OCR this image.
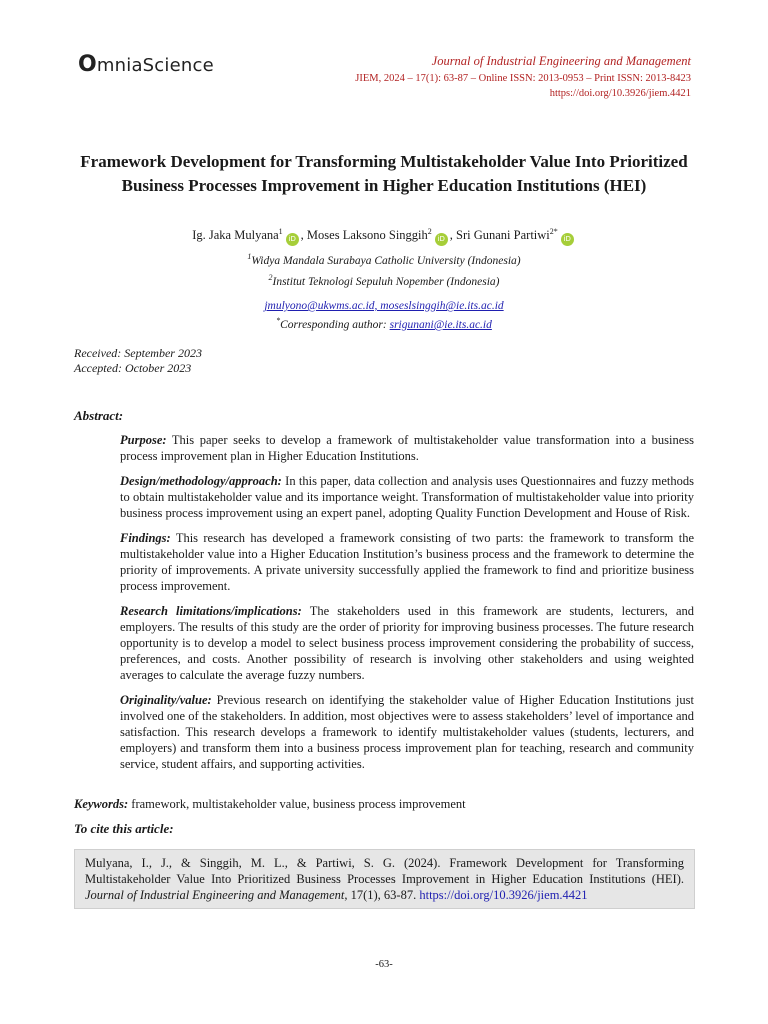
OmniaScience	Journal of Industrial Engineering and Management
JIEM, 2024 – 17(1): 63-87 – Online ISSN: 2013-0953 – Print ISSN: 2013-8423
https://doi.org/10.3926/jiem.4421
Framework Development for Transforming Multistakeholder Value Into Prioritized Business Processes Improvement in Higher Education Institutions (HEI)
Ig. Jaka Mulyana$^1$iD , Moses Laksono Singgih$^2$iD , Sri Gunani Partiwi$^{2*}$iD
$^1$Widya Mandala Surabaya Catholic University (Indonesia)
$^2$Institut Teknologi Sepuluh Nopember (Indonesia)
jmulyono@ukwms.ac.id, moseslsinggih@ie.its.ac.id
*Corresponding author: srigunani@ie.its.ac.id
Received: September 2023
Accepted: October 2023
Abstract:

Purpose: This paper seeks to develop a framework of multistakeholder value transformation into a business process improvement plan in Higher Education Institutions.

Design/methodology/approach: In this paper, data collection and analysis uses Questionnaires and fuzzy methods to obtain multistakeholder value and its importance weight. Transformation of multistakeholder value into priority business process improvement using an expert panel, adopting Quality Function Development and House of Risk.

Findings: This research has developed a framework consisting of two parts: the framework to transform the multistakeholder value into a Higher Education Institution’s business process and the framework to determine the priority of improvements. A private university successfully applied the framework to find and prioritize business process improvement.

Research limitations/implications: The stakeholders used in this framework are students, lecturers, and employers. The results of this study are the order of priority for improving business processes. The future research opportunity is to develop a model to select business process improvement considering the probability of success, preferences, and costs. Another possibility of research is involving other stakeholders and using weighted averages to calculate the average fuzzy numbers.

Originality/value: Previous research on identifying the stakeholder value of Higher Education Institutions just involved one of the stakeholders. In addition, most objectives were to assess stakeholders’ level of importance and satisfaction. This research develops a framework to identify multistakeholder values (students, lecturers, and employers) and transform them into a business process improvement plan for teaching, research and community service, student affairs, and supporting activities.

Keywords: framework, multistakeholder value, business process improvement
To cite this article:
Mulyana, I., J., & Singgih, M. L., & Partiwi, S. G. (2024). Framework Development for Transforming Multistakeholder Value Into Prioritized Business Processes Improvement in Higher Education Institutions (HEI). Journal of Industrial Engineering and Management, 17(1), 63-87. https://doi.org/10.3926/jiem.4421
-63-
